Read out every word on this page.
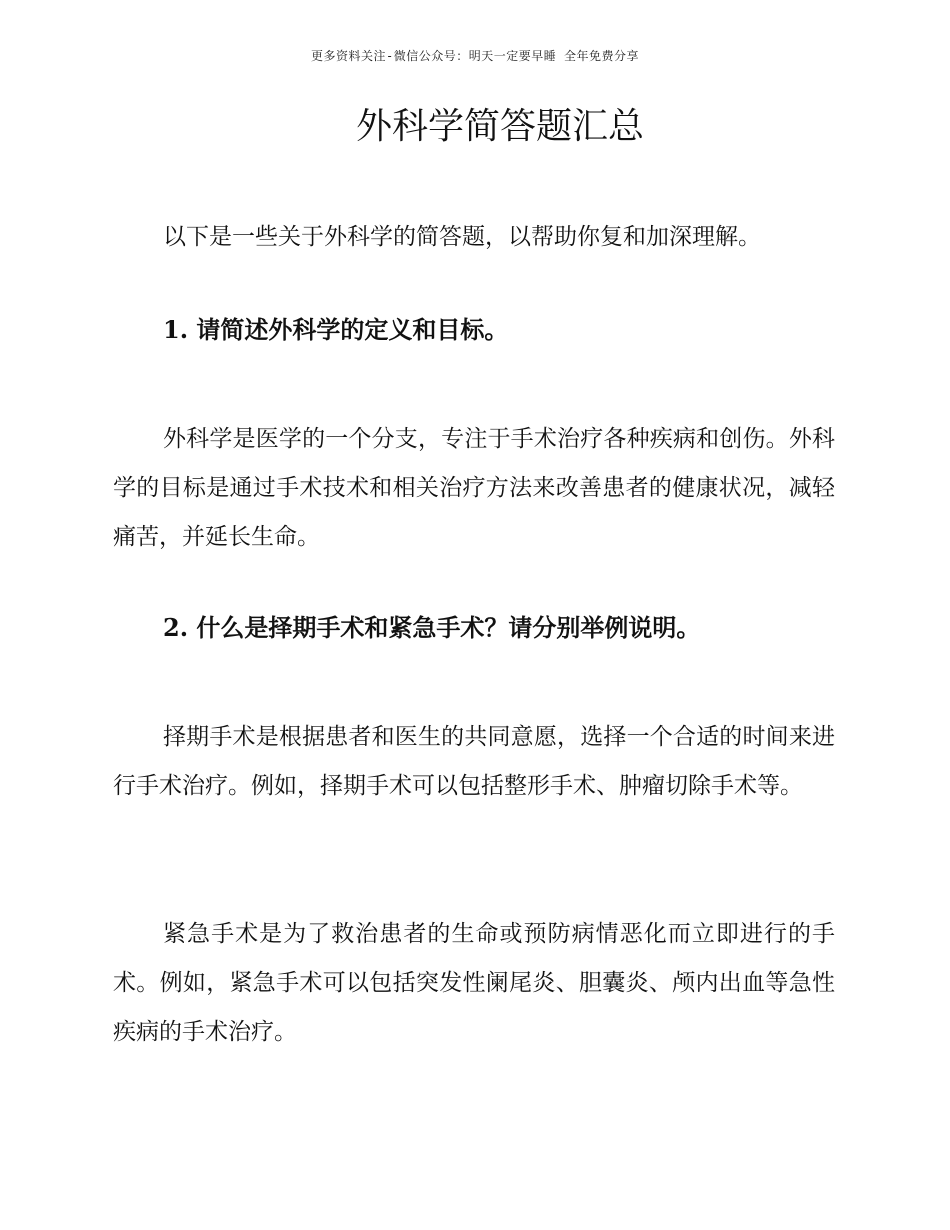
更多资料关注-微信公众号：明天一定要早睡 全年免费分享
外科学简答题汇总

以下是一些关于外科学的简答题，以帮助你复和加深理解。

1. 请简述外科学的定义和目标。

外科学是医学的一个分支，专注于手术治疗各种疾病和创伤。外科学的目标是通过手术技术和相关治疗方法来改善患者的健康状况，减轻痛苦，并延长生命。

2. 什么是择期手术和紧急手术？请分别举例说明。

择期手术是根据患者和医生的共同意愿，选择一个合适的时间来进行手术治疗。例如，择期手术可以包括整形手术、肿瘤切除手术等。

紧急手术是为了救治患者的生命或预防病情恶化而立即进行的手术。例如，紧急手术可以包括突发性阑尾炎、胆囊炎、颅内出血等急性疾病的手术治疗。
